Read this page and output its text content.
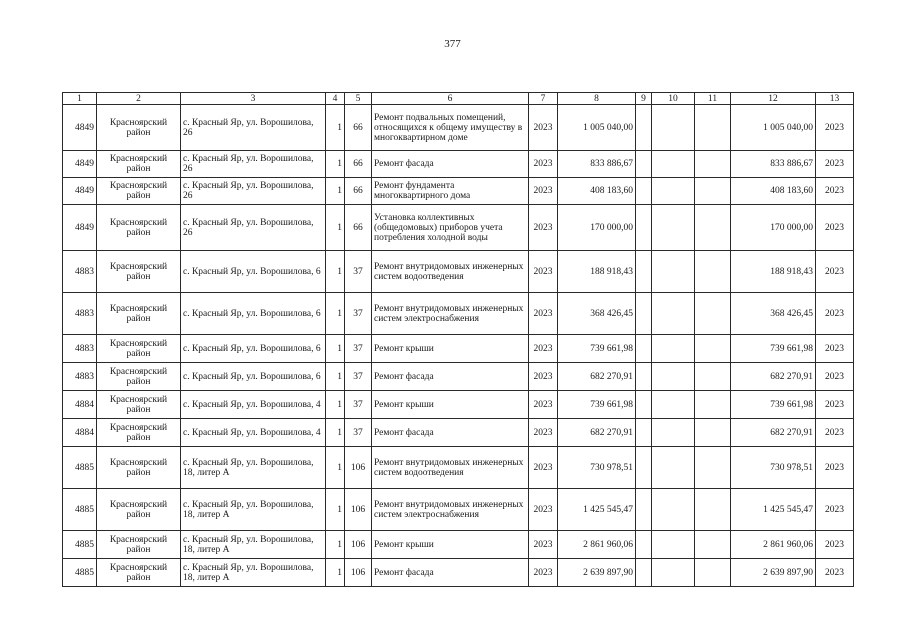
377
1	2	3	4	5	6	7	8	9	10	11	12	13
4849	Красноярский район	с. Красный Яр, ул. Ворошилова, 26	1	66	Ремонт подвальных помещений, относящихся к общему имуществу в многоквартирном доме	2023	1 005 040,00				1 005 040,00	2023
4849	Красноярский район	с. Красный Яр, ул. Ворошилова, 26	1	66	Ремонт фасада	2023	833 886,67				833 886,67	2023
4849	Красноярский район	с. Красный Яр, ул. Ворошилова, 26	1	66	Ремонт фундамента многоквартирного дома	2023	408 183,60				408 183,60	2023
4849	Красноярский район	с. Красный Яр, ул. Ворошилова, 26	1	66	Установка коллективных (общедомовых) приборов учета потребления холодной воды	2023	170 000,00				170 000,00	2023
4883	Красноярский район	с. Красный Яр, ул. Ворошилова, 6	1	37	Ремонт внутридомовых инженерных систем водоотведения	2023	188 918,43				188 918,43	2023
4883	Красноярский район	с. Красный Яр, ул. Ворошилова, 6	1	37	Ремонт внутридомовых инженерных систем электроснабжения	2023	368 426,45				368 426,45	2023
4883	Красноярский район	с. Красный Яр, ул. Ворошилова, 6	1	37	Ремонт крыши	2023	739 661,98				739 661,98	2023
4883	Красноярский район	с. Красный Яр, ул. Ворошилова, 6	1	37	Ремонт фасада	2023	682 270,91				682 270,91	2023
4884	Красноярский район	с. Красный Яр, ул. Ворошилова, 4	1	37	Ремонт крыши	2023	739 661,98				739 661,98	2023
4884	Красноярский район	с. Красный Яр, ул. Ворошилова, 4	1	37	Ремонт фасада	2023	682 270,91				682 270,91	2023
4885	Красноярский район	с. Красный Яр, ул. Ворошилова, 18, литер А	1	106	Ремонт внутридомовых инженерных систем водоотведения	2023	730 978,51				730 978,51	2023
4885	Красноярский район	с. Красный Яр, ул. Ворошилова, 18, литер А	1	106	Ремонт внутридомовых инженерных систем электроснабжения	2023	1 425 545,47				1 425 545,47	2023
4885	Красноярский район	с. Красный Яр, ул. Ворошилова, 18, литер А	1	106	Ремонт крыши	2023	2 861 960,06				2 861 960,06	2023
4885	Красноярский район	с. Красный Яр, ул. Ворошилова, 18, литер А	1	106	Ремонт фасада	2023	2 639 897,90				2 639 897,90	2023
